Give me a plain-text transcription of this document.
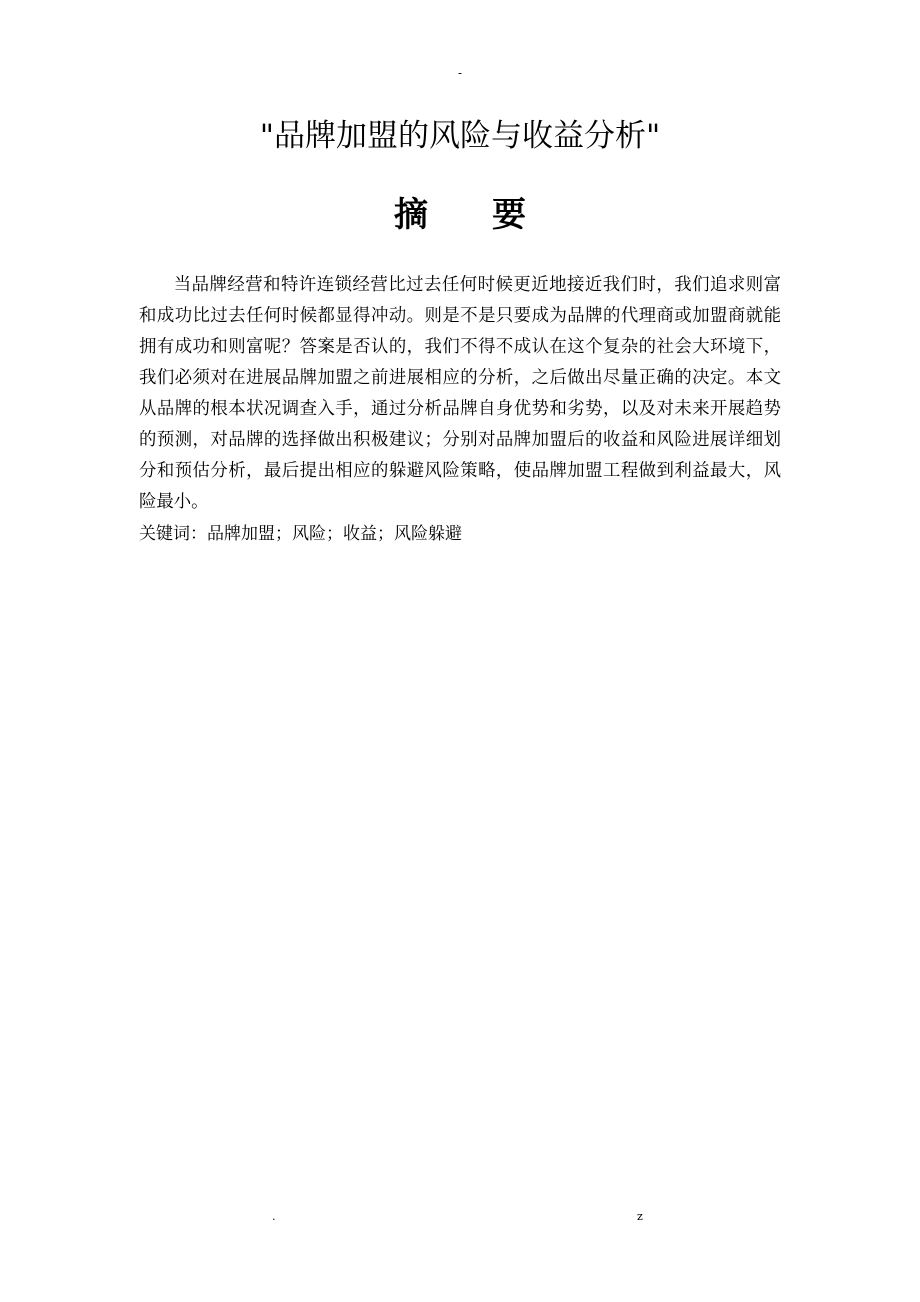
-
"品牌加盟的风险与收益分析"
摘要

当品牌经营和特许连锁经营比过去任何时候更近地接近我们时，我们追求则富和成功比过去任何时候都显得冲动。则是不是只要成为品牌的代理商或加盟商就能拥有成功和则富呢？答案是否认的，我们不得不成认在这个复杂的社会大环境下，我们必须对在进展品牌加盟之前进展相应的分析，之后做出尽量正确的决定。本文从品牌的根本状况调查入手，通过分析品牌自身优势和劣势，以及对未来开展趋势的预测，对品牌的选择做出积极建议；分别对品牌加盟后的收益和风险进展详细划分和预估分析，最后提出相应的躲避风险策略，使品牌加盟工程做到利益最大，风险最小。

关键词：品牌加盟；风险；收益；风险躲避

.	z
